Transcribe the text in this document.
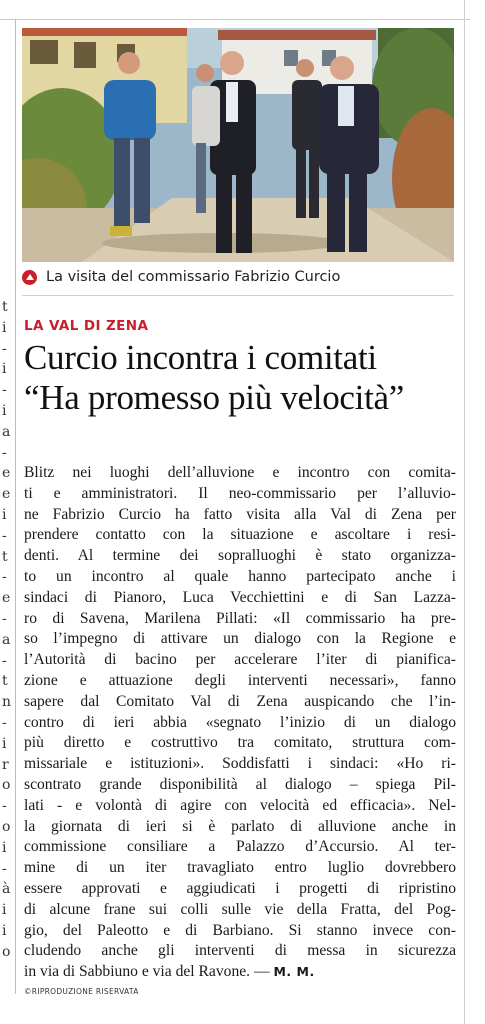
t
i
-
i
-
i
a
-
e
e
i
-
t
-
e
-
a
-
t
n
-
i
r
o
-
o
i
-
à
i
i
o
La visita del commissario Fabrizio Curcio
LA VAL DI ZENA
Curcio incontra i comitati
“Ha promesso più velocità”
Blitz nei luoghi dell’alluvione e incontro con comita-
ti e amministratori. Il neo-commissario per l’alluvio-
ne Fabrizio Curcio ha fatto visita alla Val di Zena per
prendere contatto con la situazione e ascoltare i resi-
denti. Al termine dei sopralluoghi è stato organizza-
to un incontro al quale hanno partecipato anche i
sindaci di Pianoro, Luca Vecchiettini e di San Lazza-
ro di Savena, Marilena Pillati: «Il commissario ha pre-
so l’impegno di attivare un dialogo con la Regione e
l’Autorità di bacino per accelerare l’iter di pianifica-
zione e attuazione degli interventi necessari», fanno
sapere dal Comitato Val di Zena auspicando che l’in-
contro di ieri abbia «segnato l’inizio di un dialogo
più diretto e costruttivo tra comitato, struttura com-
missariale e istituzioni». Soddisfatti i sindaci: «Ho ri-
scontrato grande disponibilità al dialogo – spiega Pil-
lati - e volontà di agire con velocità ed efficacia». Nel-
la giornata di ieri si è parlato di alluvione anche in
commissione consiliare a Palazzo d’Accursio. Al ter-
mine di un iter travagliato entro luglio dovrebbero
essere approvati e aggiudicati i progetti di ripristino
di alcune frane sui colli sulle vie della Fratta, del Pog-
gio, del Paleotto e di Barbiano. Si stanno invece con-
cludendo anche gli interventi di messa in sicurezza
in via di Sabbiuno e via del Ravone. — M. M.
©RIPRODUZIONE RISERVATA
